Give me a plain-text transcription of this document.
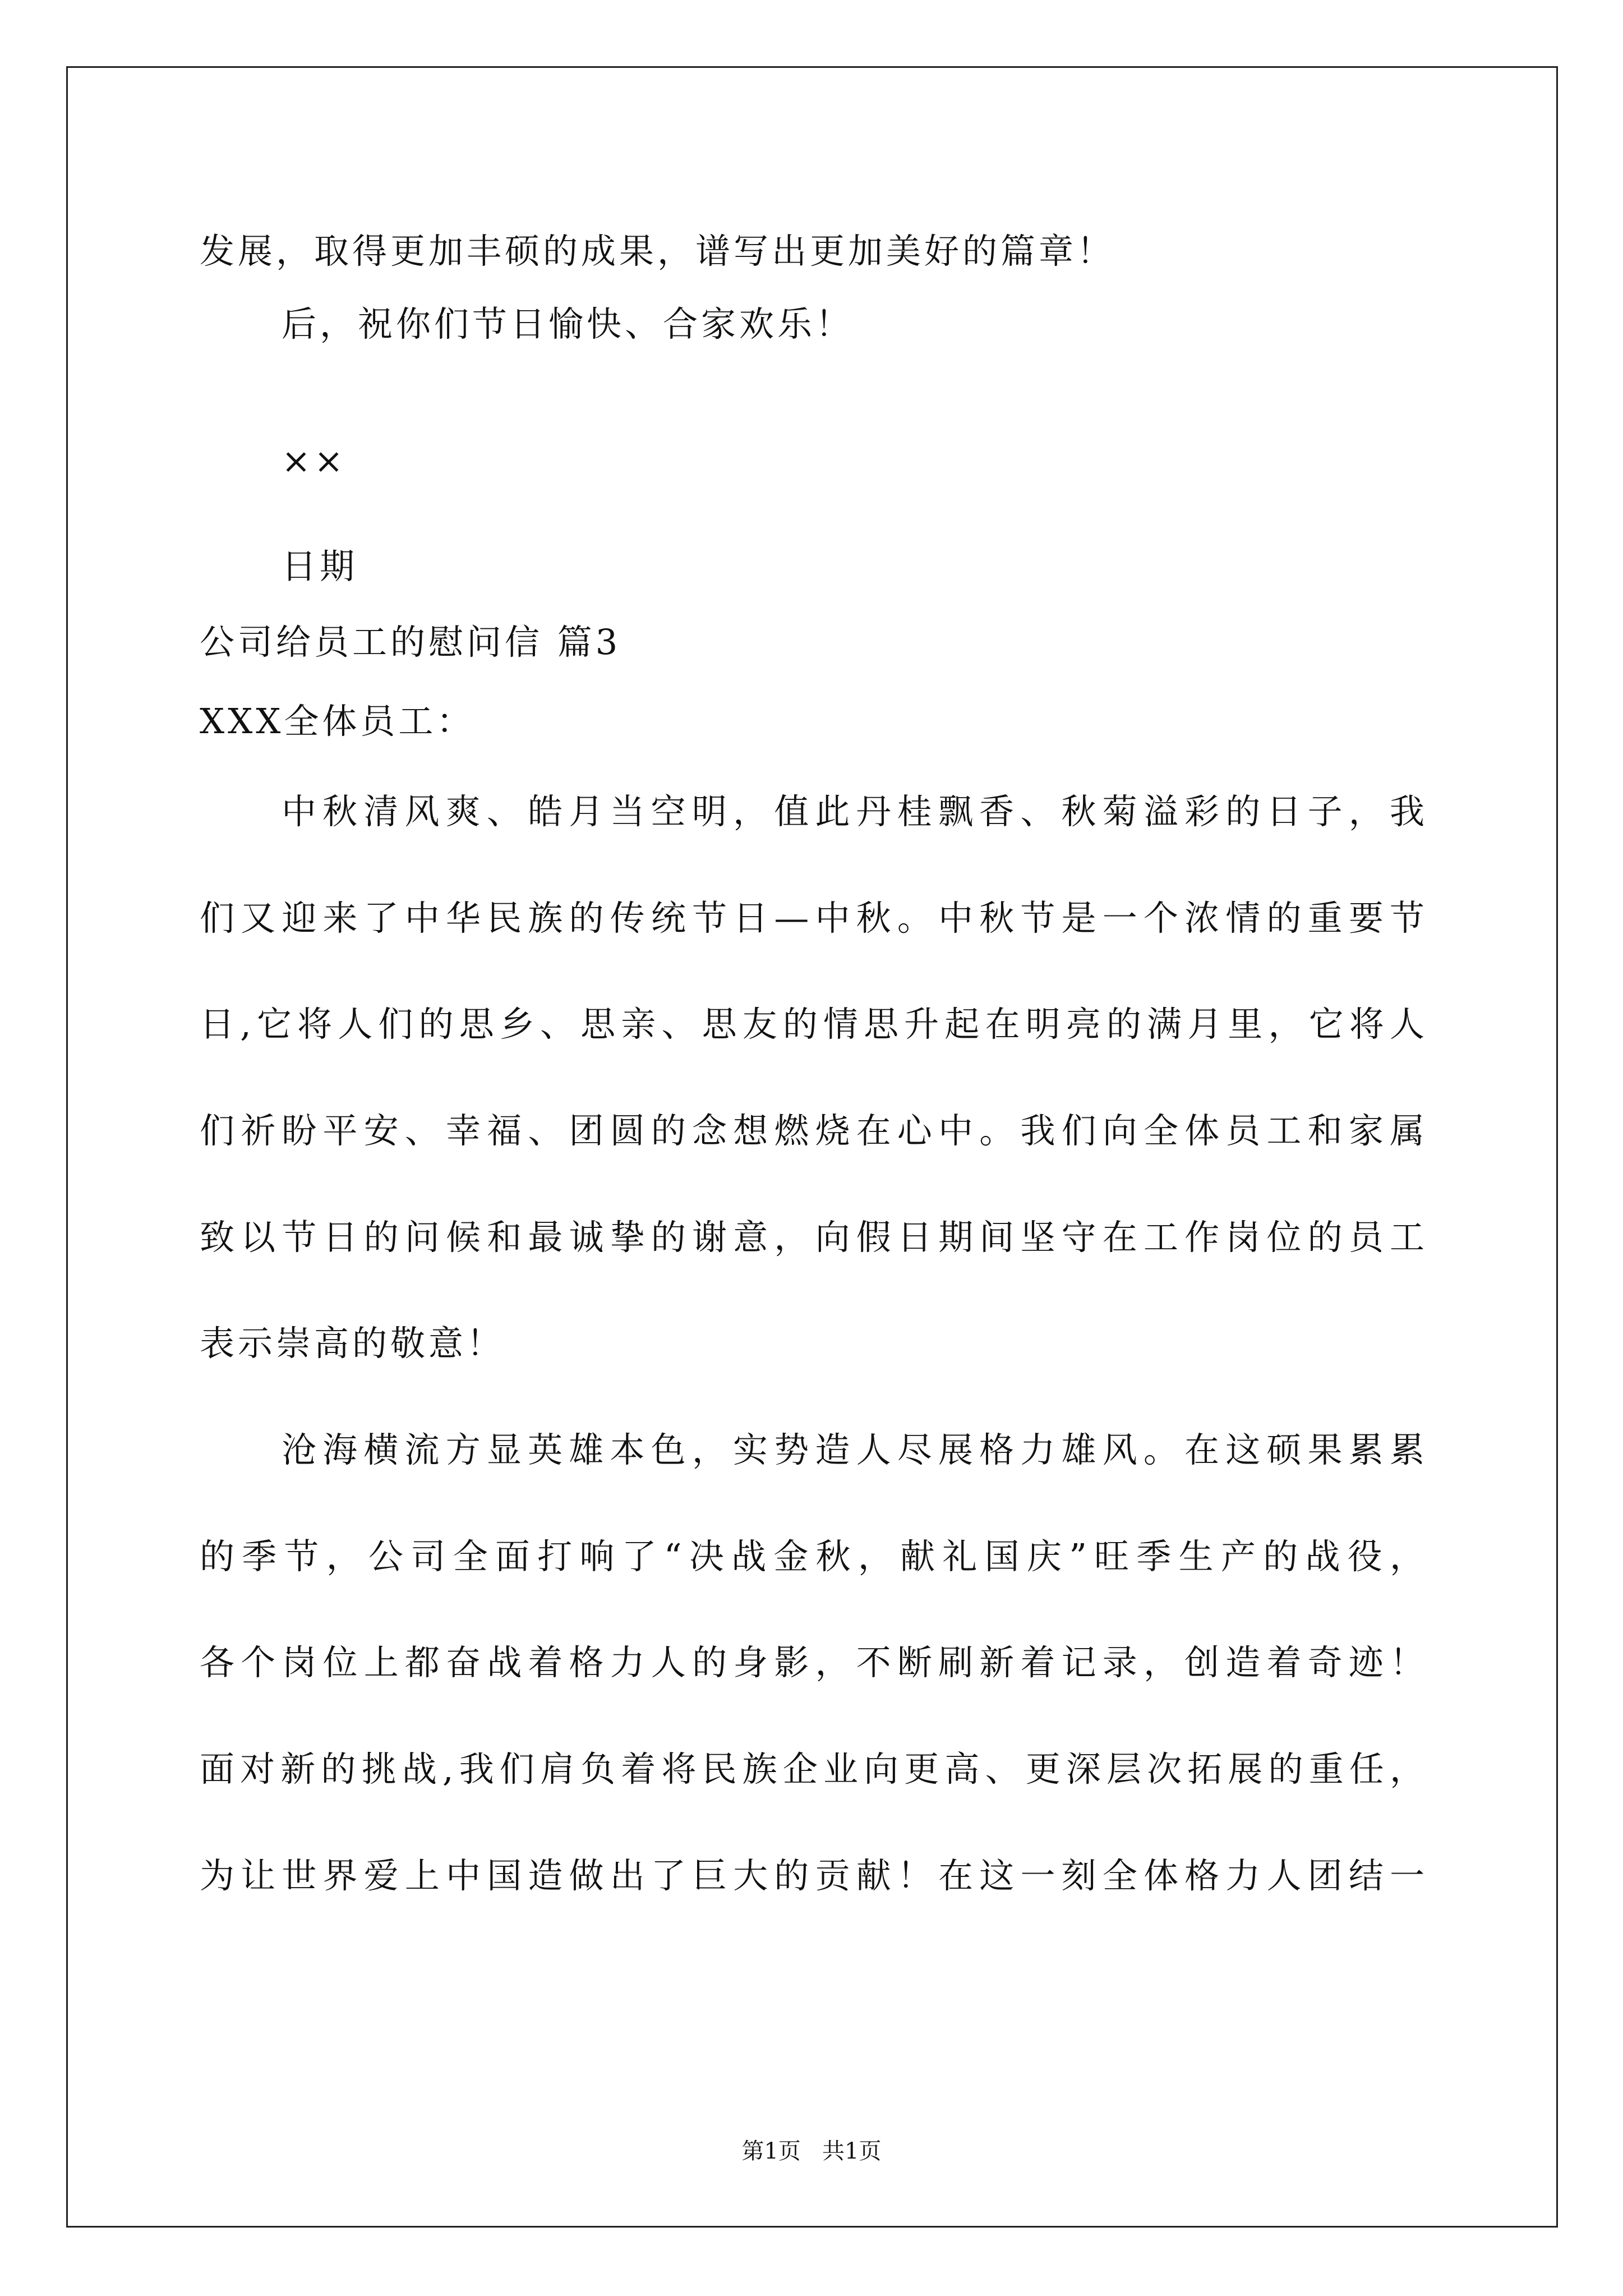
发展，取得更加丰硕的成果，谱写出更加美好的篇章！
后，祝你们节日愉快、合家欢乐！
××
日期
公司给员工的慰问信 篇3
XXX全体员工：
中秋清风爽、皓月当空明，值此丹桂飘香、秋菊溢彩的日子，我
们又迎来了中华民族的传统节日—中秋。中秋节是一个浓情的重要节
日,它将人们的思乡、思亲、思友的情思升起在明亮的满月里，它将人
们祈盼平安、幸福、团圆的念想燃烧在心中。我们向全体员工和家属
致以节日的问候和最诚挚的谢意，向假日期间坚守在工作岗位的员工
表示崇高的敬意！
沧海横流方显英雄本色，实势造人尽展格力雄风。在这硕果累累
的季节，公司全面打响了“决战金秋，献礼国庆”旺季生产的战役，
各个岗位上都奋战着格力人的身影，不断刷新着记录，创造着奇迹！
面对新的挑战,我们肩负着将民族企业向更高、更深层次拓展的重任，
为让世界爱上中国造做出了巨大的贡献！在这一刻全体格力人团结一
第1页   共1页
